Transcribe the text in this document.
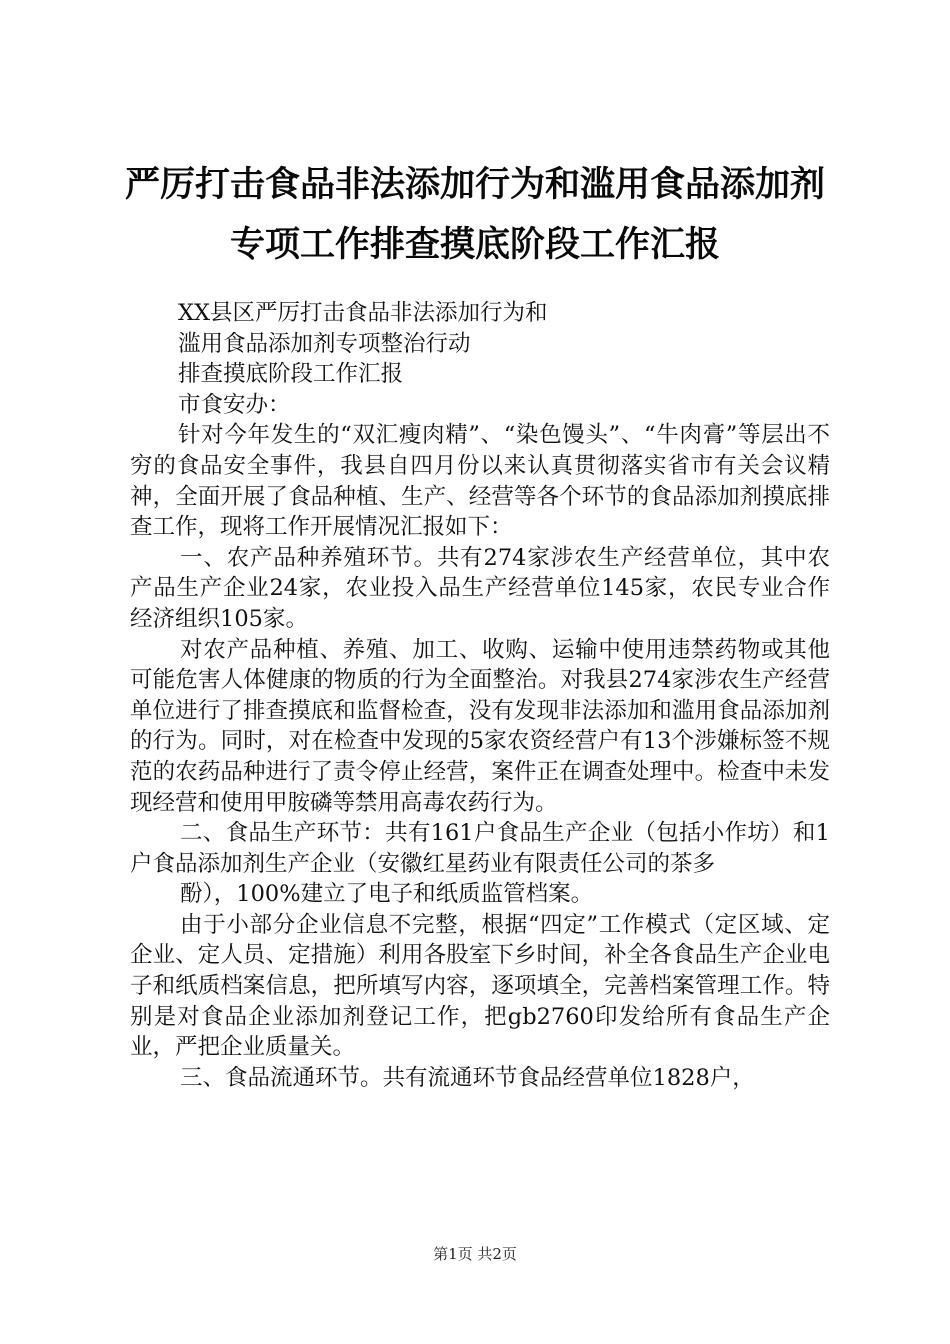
严厉打击食品非法添加行为和滥用食品添加剂
专项工作排查摸底阶段工作汇报

XX县区严厉打击食品非法添加行为和

滥用食品添加剂专项整治行动

排查摸底阶段工作汇报

市食安办：

针对今年发生的“双汇瘦肉精”、“染色馒头”、“牛肉膏”等层出不穷的食品安全事件，我县自四月份以来认真贯彻落实省市有关会议精神，全面开展了食品种植、生产、经营等各个环节的食品添加剂摸底排查工作，现将工作开展情况汇报如下：

一、农产品种养殖环节。共有274家涉农生产经营单位，其中农产品生产企业24家，农业投入品生产经营单位145家，农民专业合作经济组织105家。

对农产品种植、养殖、加工、收购、运输中使用违禁药物或其他可能危害人体健康的物质的行为全面整治。对我县274家涉农生产经营单位进行了排查摸底和监督检查，没有发现非法添加和滥用食品添加剂的行为。同时，对在检查中发现的5家农资经营户有13个涉嫌标签不规范的农药品种进行了责令停止经营，案件正在调查处理中。检查中未发现经营和使用甲胺磷等禁用高毒农药行为。

二、食品生产环节：共有161户食品生产企业（包括小作坊）和1户食品添加剂生产企业（安徽红星药业有限责任公司的茶多

酚），100%建立了电子和纸质监管档案。

由于小部分企业信息不完整，根据“四定”工作模式（定区域、定企业、定人员、定措施）利用各股室下乡时间，补全各食品生产企业电子和纸质档案信息，把所填写内容，逐项填全，完善档案管理工作。特别是对食品企业添加剂登记工作，把gb2760印发给所有食品生产企业，严把企业质量关。

三、食品流通环节。共有流通环节食品经营单位1828户，

第1页 共2页
